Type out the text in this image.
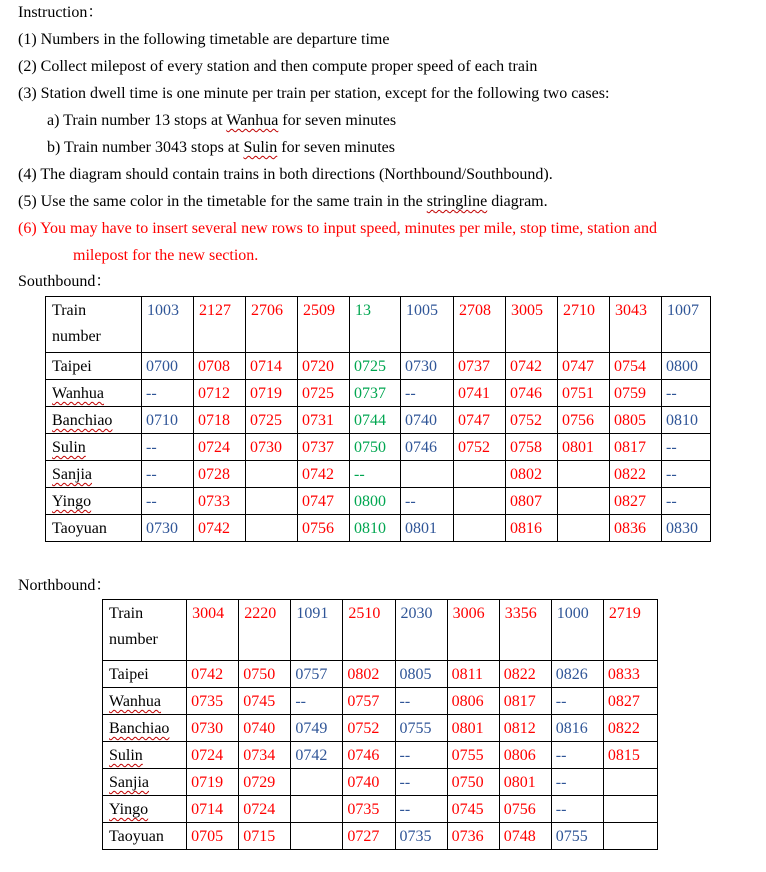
Instruction：
(1) Numbers in the following timetable are departure time
(2) Collect milepost of every station and then compute proper speed of each train
(3) Station dwell time is one minute per train per station, except for the following two cases:
a) Train number 13 stops at Wanhua for seven minutes
b) Train number 3043 stops at Sulin for seven minutes
(4) The diagram should contain trains in both directions (Northbound/Southbound).
(5) Use the same color in the timetable for the same train in the stringline diagram.
(6) You may have to insert several new rows to input speed, minutes per mile, stop time, station and
milepost for the new section.
Southbound：
Train
number	1003	2127	2706	2509	13	1005	2708	3005	2710	3043	1007
Taipei	0700	0708	0714	0720	0725	0730	0737	0742	0747	0754	0800
Wanhua	--	0712	0719	0725	0737	--	0741	0746	0751	0759	--
Banchiao	0710	0718	0725	0731	0744	0740	0747	0752	0756	0805	0810
Sulin	--	0724	0730	0737	0750	0746	0752	0758	0801	0817	--
Sanjia	--	0728		0742	--			0802		0822	--
Yingo	--	0733		0747	0800	--		0807		0827	--
Taoyuan	0730	0742		0756	0810	0801		0816		0836	0830
Northbound：
Train
number	3004	2220	1091	2510	2030	3006	3356	1000	2719
Taipei	0742	0750	0757	0802	0805	0811	0822	0826	0833
Wanhua	0735	0745	--	0757	--	0806	0817	--	0827
Banchiao	0730	0740	0749	0752	0755	0801	0812	0816	0822
Sulin	0724	0734	0742	0746	--	0755	0806	--	0815
Sanjia	0719	0729		0740	--	0750	0801	--	
Yingo	0714	0724		0735	--	0745	0756	--	
Taoyuan	0705	0715		0727	0735	0736	0748	0755	
